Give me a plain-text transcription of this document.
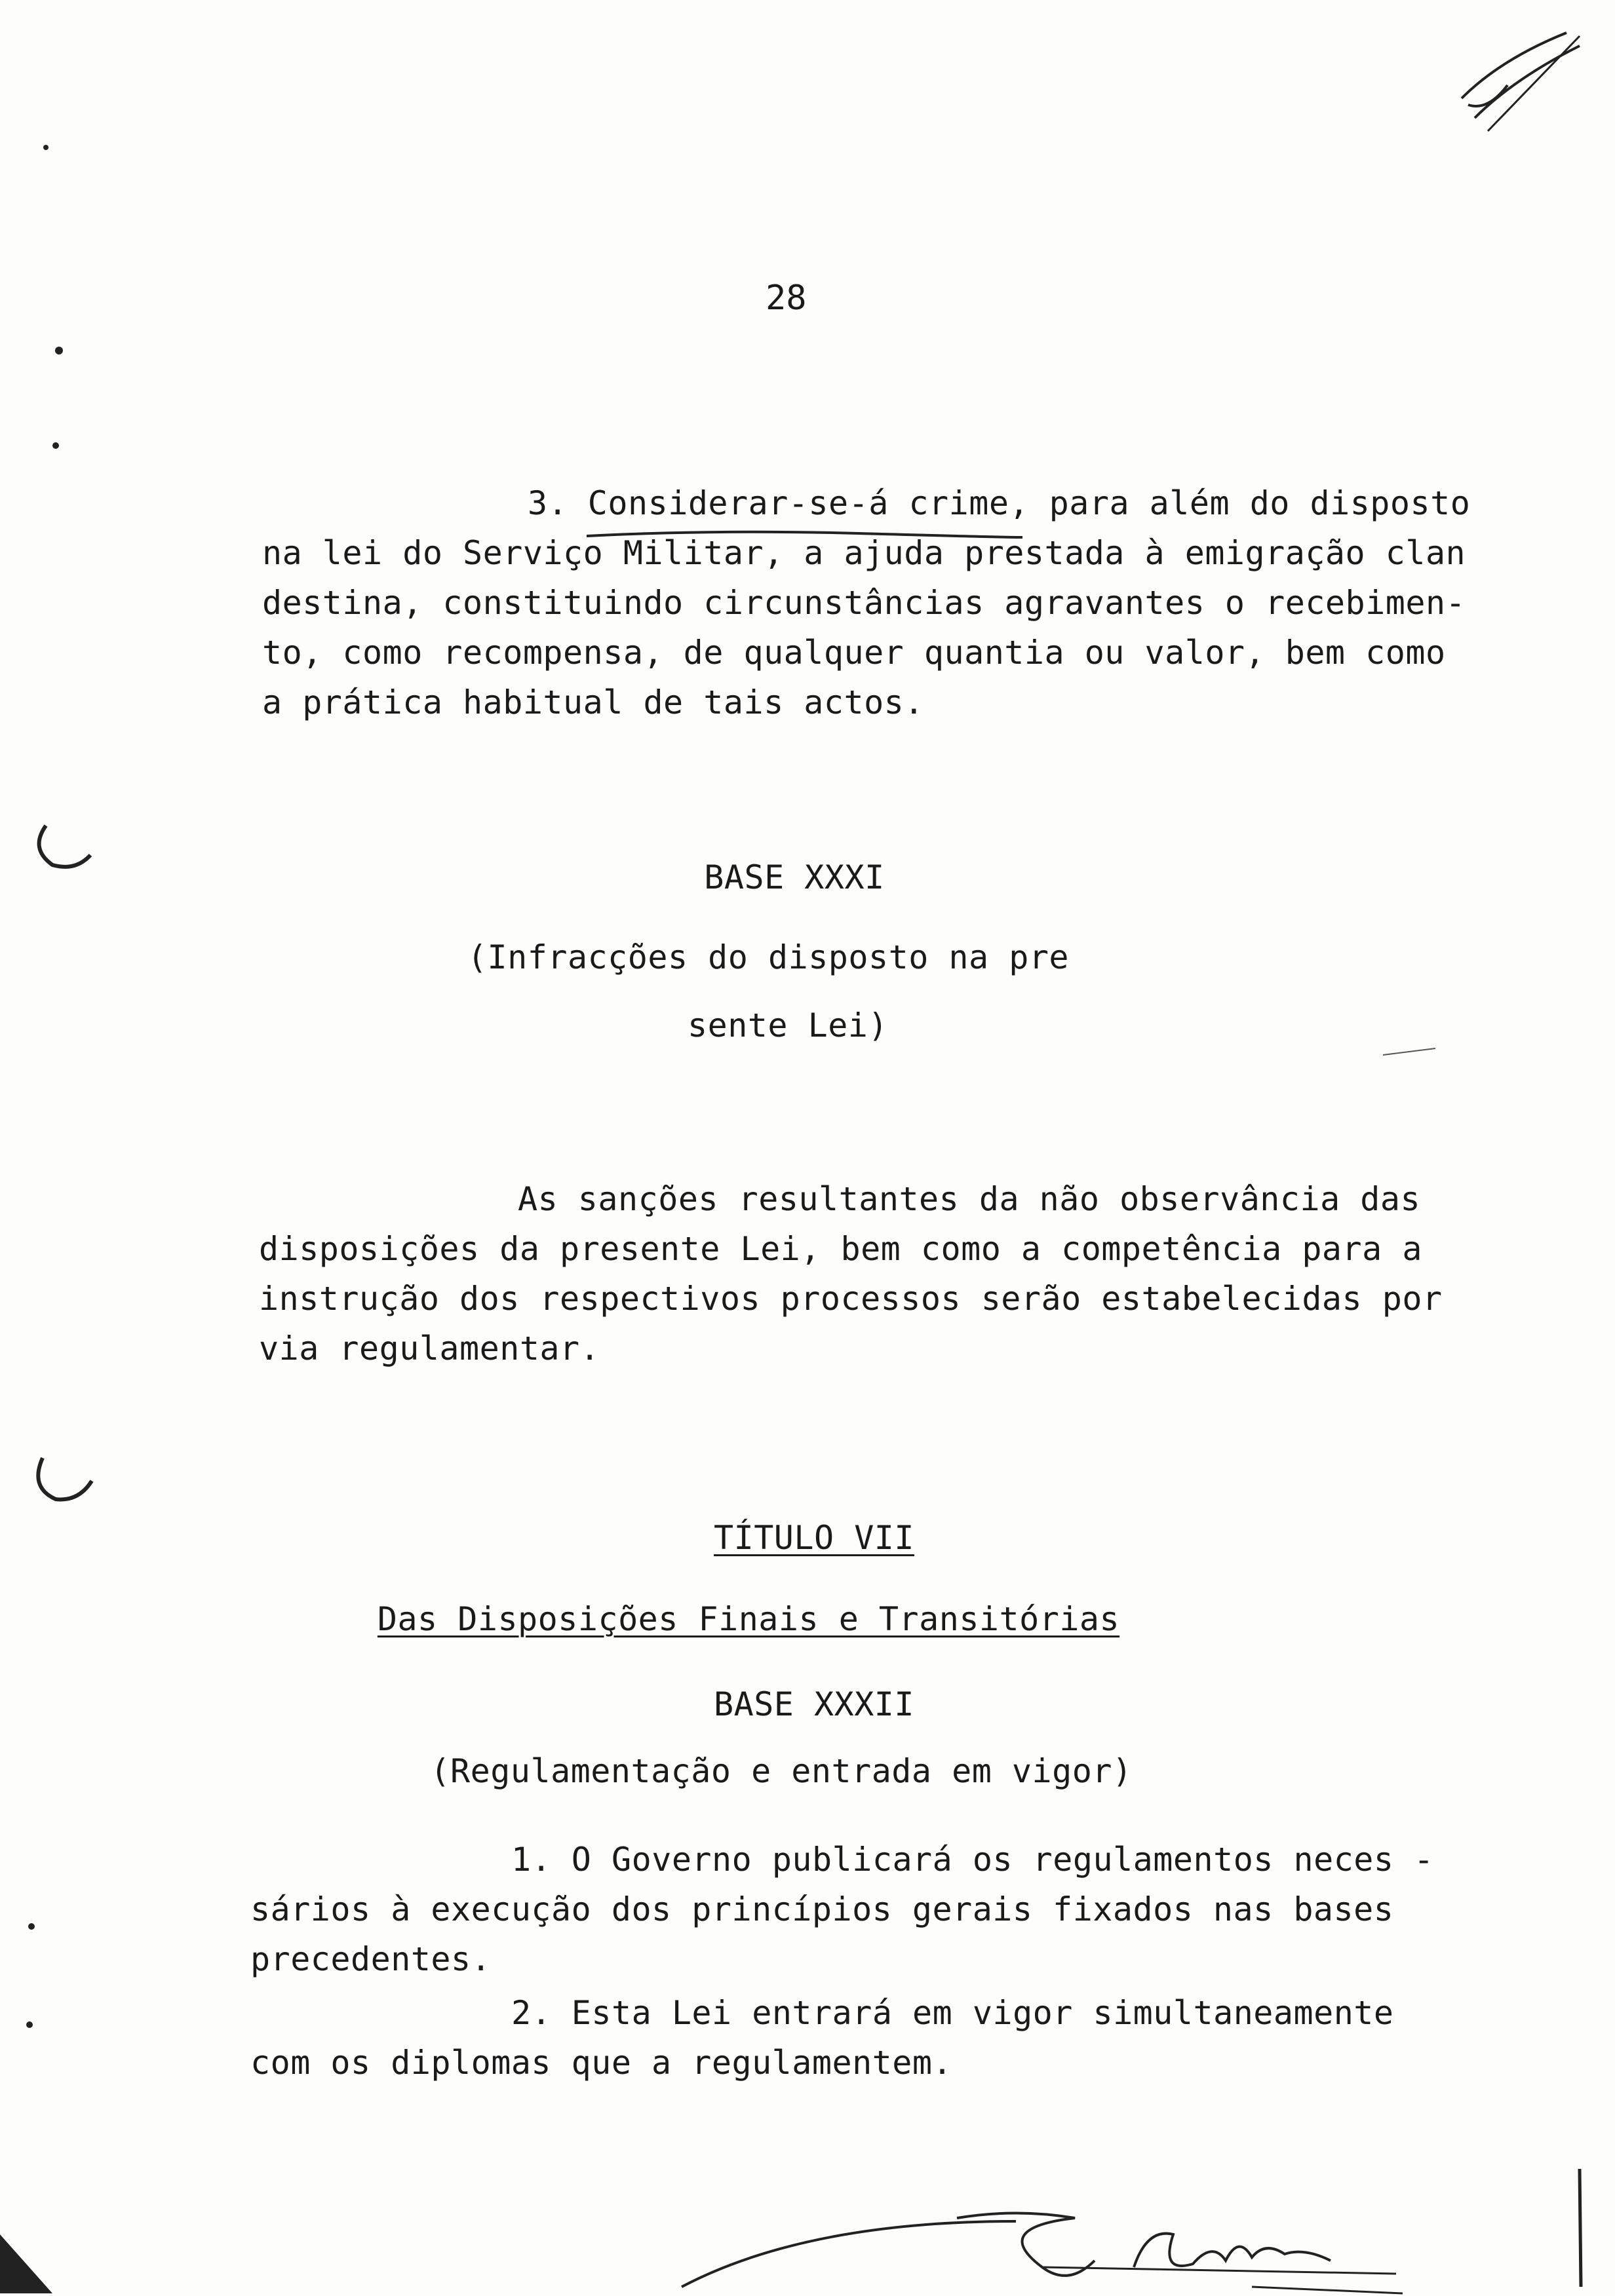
28
3. Considerar-se-á crime, para além do disposto
na lei do Serviço Militar, a ajuda prestada à emigração clan
destina, constituindo circunstâncias agravantes o recebimen-
to, como recompensa, de qualquer quantia ou valor, bem como
a prática habitual de tais actos.
BASE XXXI
(Infracções do disposto na pre
sente Lei)
As sanções resultantes da não observância das
disposições da presente Lei, bem como a competência para a
instrução dos respectivos processos serão estabelecidas por
via regulamentar.
TÍTULO VII
Das Disposições Finais e Transitórias
BASE XXXII
(Regulamentação e entrada em vigor)
1. O Governo publicará os regulamentos neces -
sários à execução dos princípios gerais fixados nas bases
precedentes.
2. Esta Lei entrará em vigor simultaneamente
com os diplomas que a regulamentem.
